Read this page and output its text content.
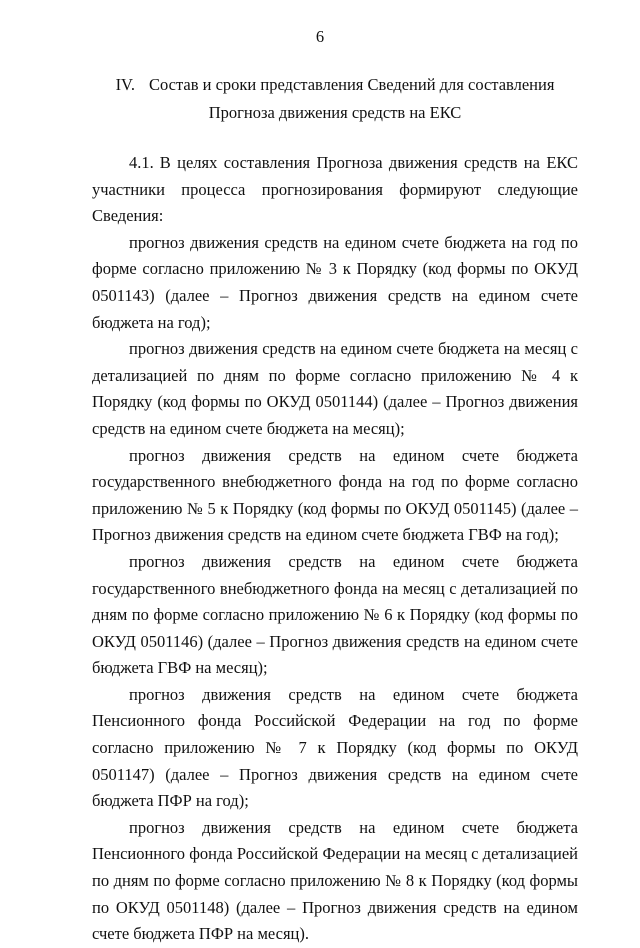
6
IV. Состав и сроки представления Сведений для составления
Прогноза движения средств на ЕКС

4.1. В целях составления Прогноза движения средств на ЕКС участники процесса прогнозирования формируют следующие Сведения:

прогноз движения средств на едином счете бюджета на год по форме согласно приложению № 3 к Порядку (код формы по ОКУД 0501143) (далее – Прогноз движения средств на едином счете бюджета на год);

прогноз движения средств на едином счете бюджета на месяц с детализацией по дням по форме согласно приложению № 4 к Порядку (код формы по ОКУД 0501144) (далее – Прогноз движения средств на едином счете бюджета на месяц);

прогноз движения средств на едином счете бюджета государственного внебюджетного фонда на год по форме согласно приложению № 5 к Порядку (код формы по ОКУД 0501145) (далее – Прогноз движения средств на едином счете бюджета ГВФ на год);

прогноз движения средств на едином счете бюджета государственного внебюджетного фонда на месяц с детализацией по дням по форме согласно приложению № 6 к Порядку (код формы по ОКУД 0501146) (далее – Прогноз движения средств на едином счете бюджета ГВФ на месяц);

прогноз движения средств на едином счете бюджета Пенсионного фонда Российской Федерации на год по форме согласно приложению № 7 к Порядку (код формы по ОКУД 0501147) (далее – Прогноз движения средств на едином счете бюджета ПФР на год);

прогноз движения средств на едином счете бюджета Пенсионного фонда Российской Федерации на месяц с детализацией по дням по форме согласно приложению № 8 к Порядку (код формы по ОКУД 0501148) (далее – Прогноз движения средств на едином счете бюджета ПФР на месяц).
